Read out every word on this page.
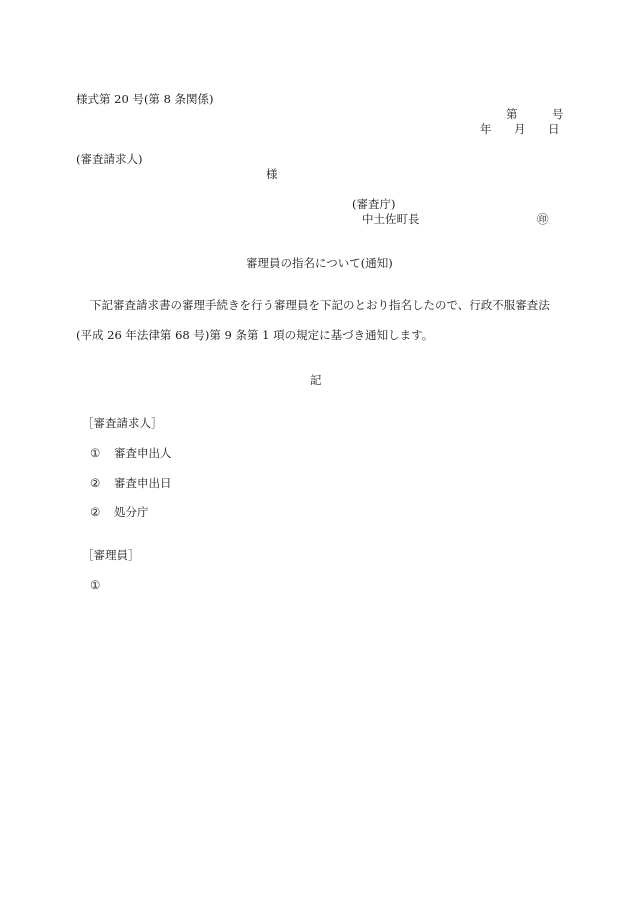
様式第 20 号(第 8 条関係)
第	号
年 月 日
(審査請求人)
様
(審査庁)
中土佐町長	㊞
審理員の指名について(通知)
下記審査請求書の審理手続きを行う審理員を下記のとおり指名したので、行政不服審査法
(平成 26 年法律第 68 号)第 9 条第 1 項の規定に基づき通知します。
記
［審査請求人］
① 審査申出人
② 審査申出日
② 処分庁
［審理員］
①
